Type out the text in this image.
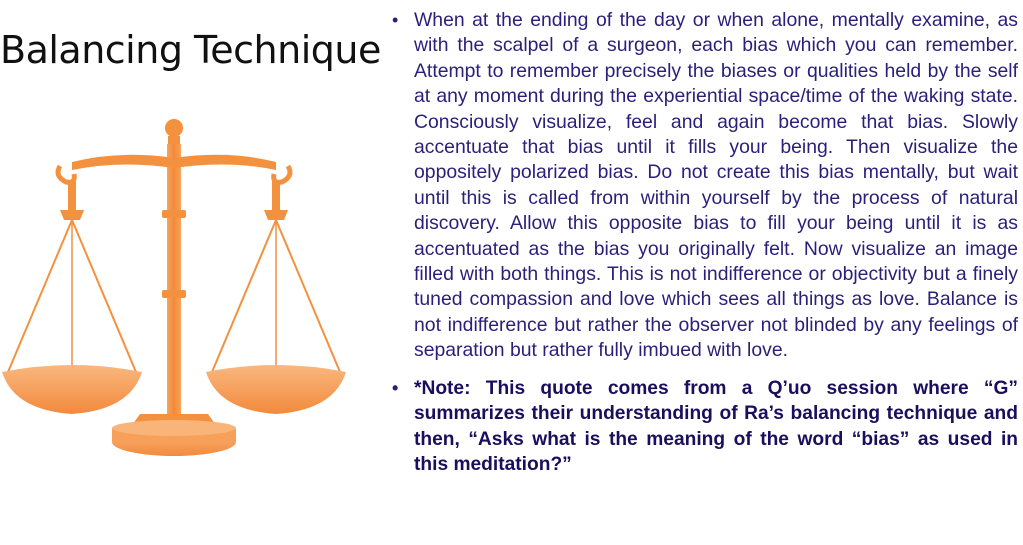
Balancing Technique
• When at the ending of the day or when alone, mentally examine, as with the scalpel of a surgeon, each bias which you can remember. Attempt to remember precisely the biases or qualities held by the self at any moment during the experiential space/time of the waking state. Consciously visualize, feel and again become that bias. Slowly accentuate that bias until it fills your being. Then visualize the oppositely polarized bias. Do not create this bias mentally, but wait until this is called from within yourself by the process of natural discovery. Allow this opposite bias to fill your being until it is as accentuated as the bias you originally felt. Now visualize an image filled with both things. This is not indifference or objectivity but a finely tuned compassion and love which sees all things as love. Balance is not indifference but rather the observer not blinded by any feelings of separation but rather fully imbued with love.
• *Note: This quote comes from a Q’uo session where “G” summarizes their understanding of Ra’s balancing technique and then, “Asks what is the meaning of the word “bias” as used in this meditation?”
